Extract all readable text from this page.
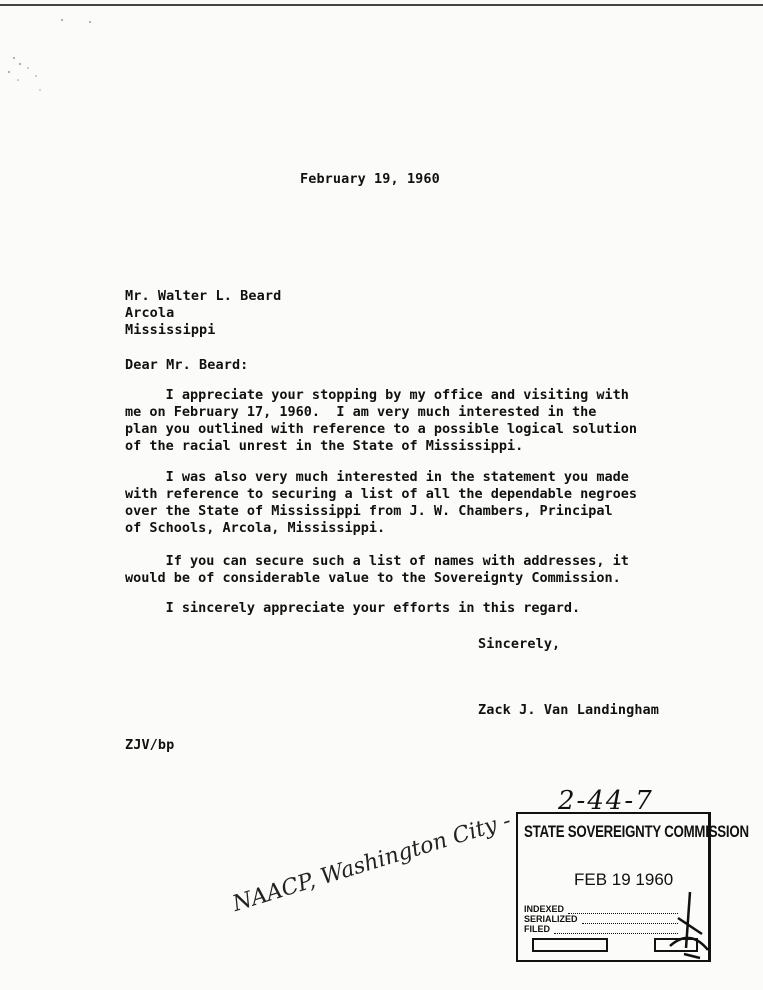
February 19, 1960
Mr. Walter L. Beard
Arcola
Mississippi
Dear Mr. Beard:
I appreciate your stopping by my office and visiting with
me on February 17, 1960.  I am very much interested in the
plan you outlined with reference to a possible logical solution
of the racial unrest in the State of Mississippi.
I was also very much interested in the statement you made
with reference to securing a list of all the dependable negroes
over the State of Mississippi from J. W. Chambers, Principal
of Schools, Arcola, Mississippi.
If you can secure such a list of names with addresses, it
would be of considerable value to the Sovereignty Commission.
I sincerely appreciate your efforts in this regard.
Sincerely,
Zack J. Van Landingham
ZJV/bp
2-44-7
STATE SOVEREIGNTY COMMISSION
FEB 19 1960
INDEXED
SERIALIZED
FILED
NAACP, Washington City -
